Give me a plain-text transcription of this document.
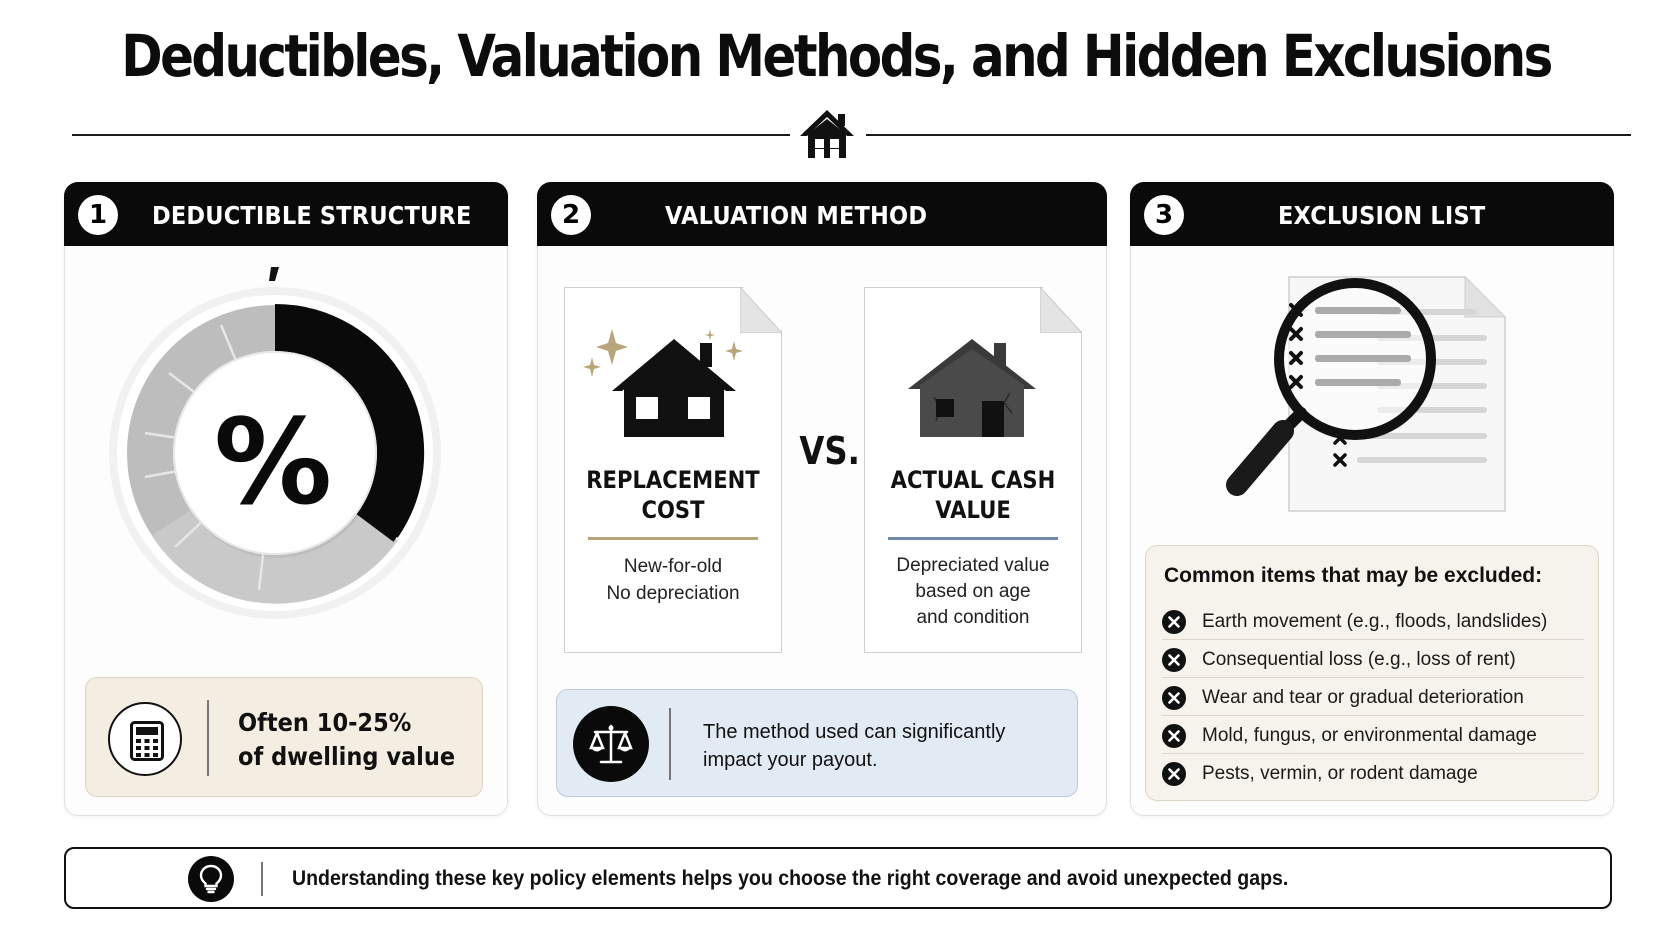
Deductibles, Valuation Methods, and Hidden Exclusions
1	DEDUCTIBLE STRUCTURE
%
Often 10-25%
of dwelling value
2	VALUATION METHOD
REPLACEMENT
COST
New-for-old
No depreciation
VS.
ACTUAL CASH
VALUE
Depreciated value
based on age
and condition
The method used can significantly
impact your payout.
3	EXCLUSION LIST
Common items that may be excluded:
Earth movement (e.g., floods, landslides)
Consequential loss (e.g., loss of rent)
Wear and tear or gradual deterioration
Mold, fungus, or environmental damage
Pests, vermin, or rodent damage
Understanding these key policy elements helps you choose the right coverage and avoid unexpected gaps.
